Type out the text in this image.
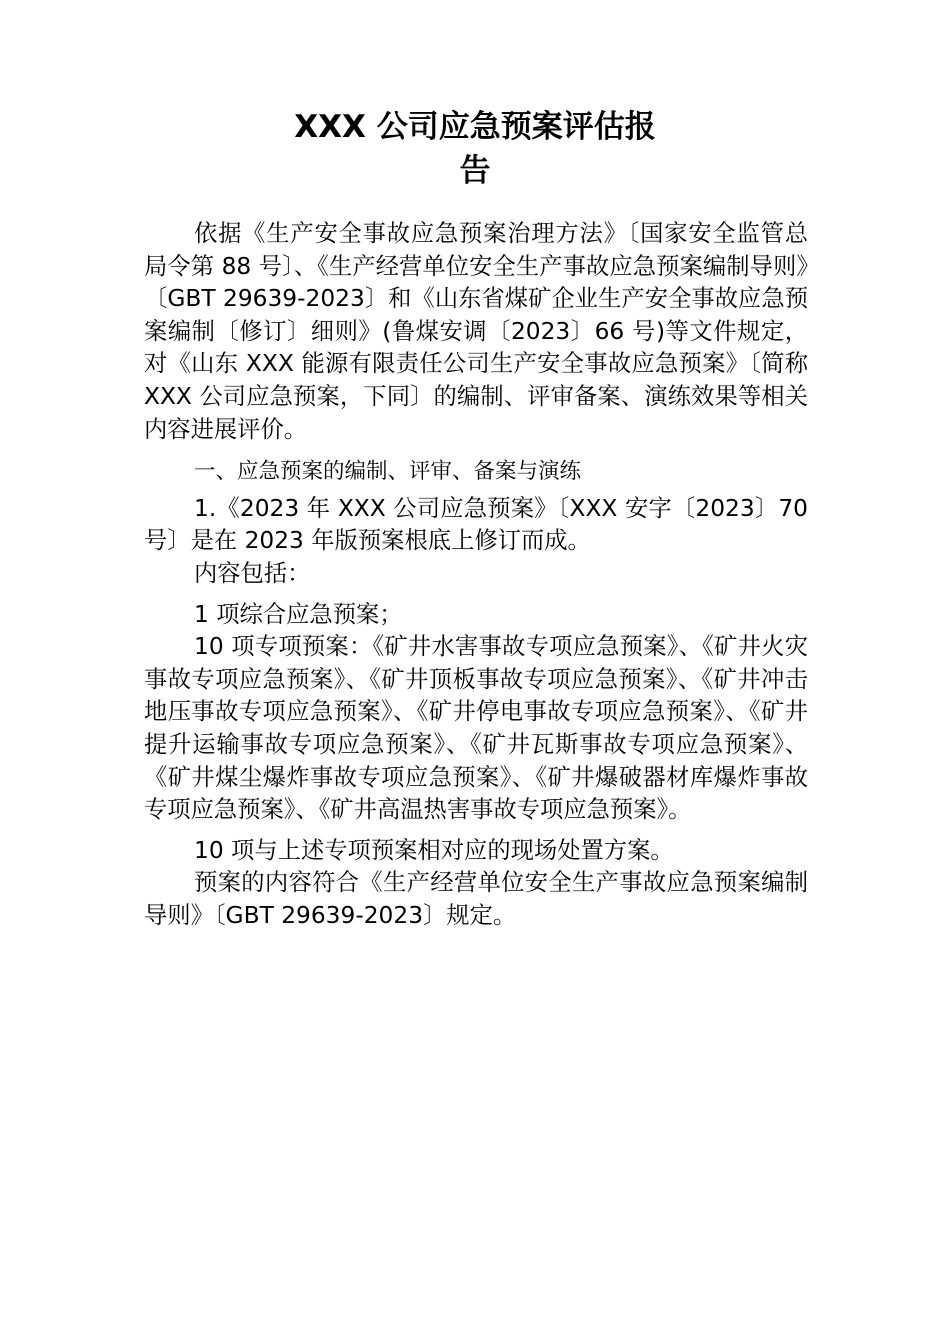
XXX 公司应急预案评估报
告

依据《生产安全事故应急预案治理方法》〔国家安全监管总局令第 88 号〕、《生产经营单位安全生产事故应急预案编制导则》〔GBT 29639-2023〕和《山东省煤矿企业生产安全事故应急预案编制〔修订〕细则》(鲁煤安调〔2023〕66 号)等文件规定，对《山东 XXX 能源有限责任公司生产安全事故应急预案》〔简称 XXX 公司应急预案，下同〕的编制、评审备案、演练效果等相关内容进展评价。

一、应急预案的编制、评审、备案与演练

1.《2023 年 XXX 公司应急预案》〔XXX 安字〔2023〕70 号〕是在 2023 年版预案根底上修订而成。

内容包括：

1 项综合应急预案；

10 项专项预案：《矿井水害事故专项应急预案》、《矿井火灾事故专项应急预案》、《矿井顶板事故专项应急预案》、《矿井冲击地压事故专项应急预案》、《矿井停电事故专项应急预案》、《矿井提升运输事故专项应急预案》、《矿井瓦斯事故专项应急预案》、《矿井煤尘爆炸事故专项应急预案》、《矿井爆破器材库爆炸事故专项应急预案》、《矿井高温热害事故专项应急预案》。

10 项与上述专项预案相对应的现场处置方案。

预案的内容符合《生产经营单位安全生产事故应急预案编制导则》〔GBT 29639-2023〕规定。
